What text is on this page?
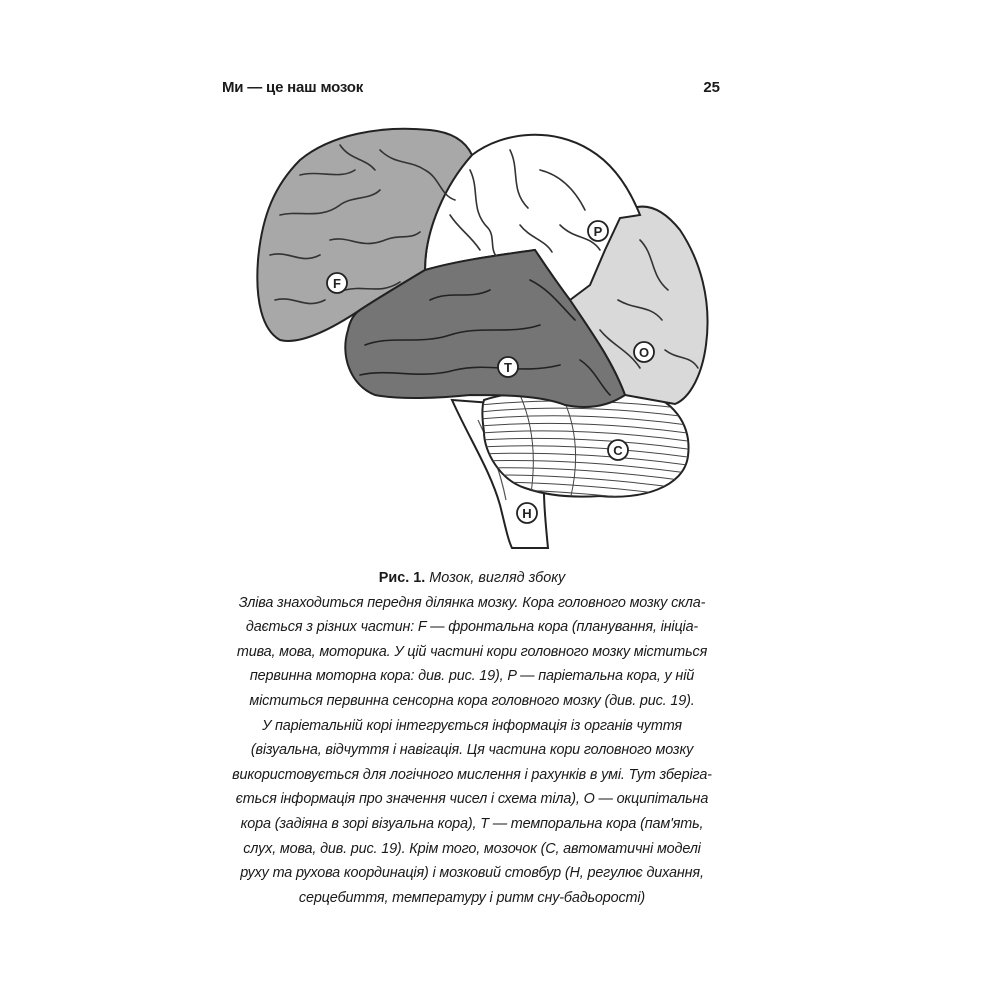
Ми — це наш мозок	25
F
P
O
T
C
H

Рис. 1. Мозок, вигляд збоку

Зліва знаходиться передня ділянка мозку. Кора головного мозку скла-
дається з різних частин: F — фронтальна кора (планування, ініціа-
тива, мова, моторика. У цій частині кори головного мозку міститься
первинна моторна кора: див. рис. 19), P — паріетальна кора, у ній
міститься первинна сенсорна кора головного мозку (див. рис. 19).
У паріетальній корі інтегрується інформація із органів чуття
(візуальна, відчуття і навігація. Ця частина кори головного мозку
використовується для логічного мислення і рахунків в умі. Тут зберіга-
ється інформація про значення чисел і схема тіла), O — окципітальна
кора (задіяна в зорі візуальна кора), T — темпоральна кора (пам'ять,
слух, мова, див. рис. 19). Крім того, мозочок (C, автоматичні моделі
руху та рухова координація) і мозковий стовбур (H, регулює дихання,
серцебиття, температуру і ритм сну-бадьорості)
